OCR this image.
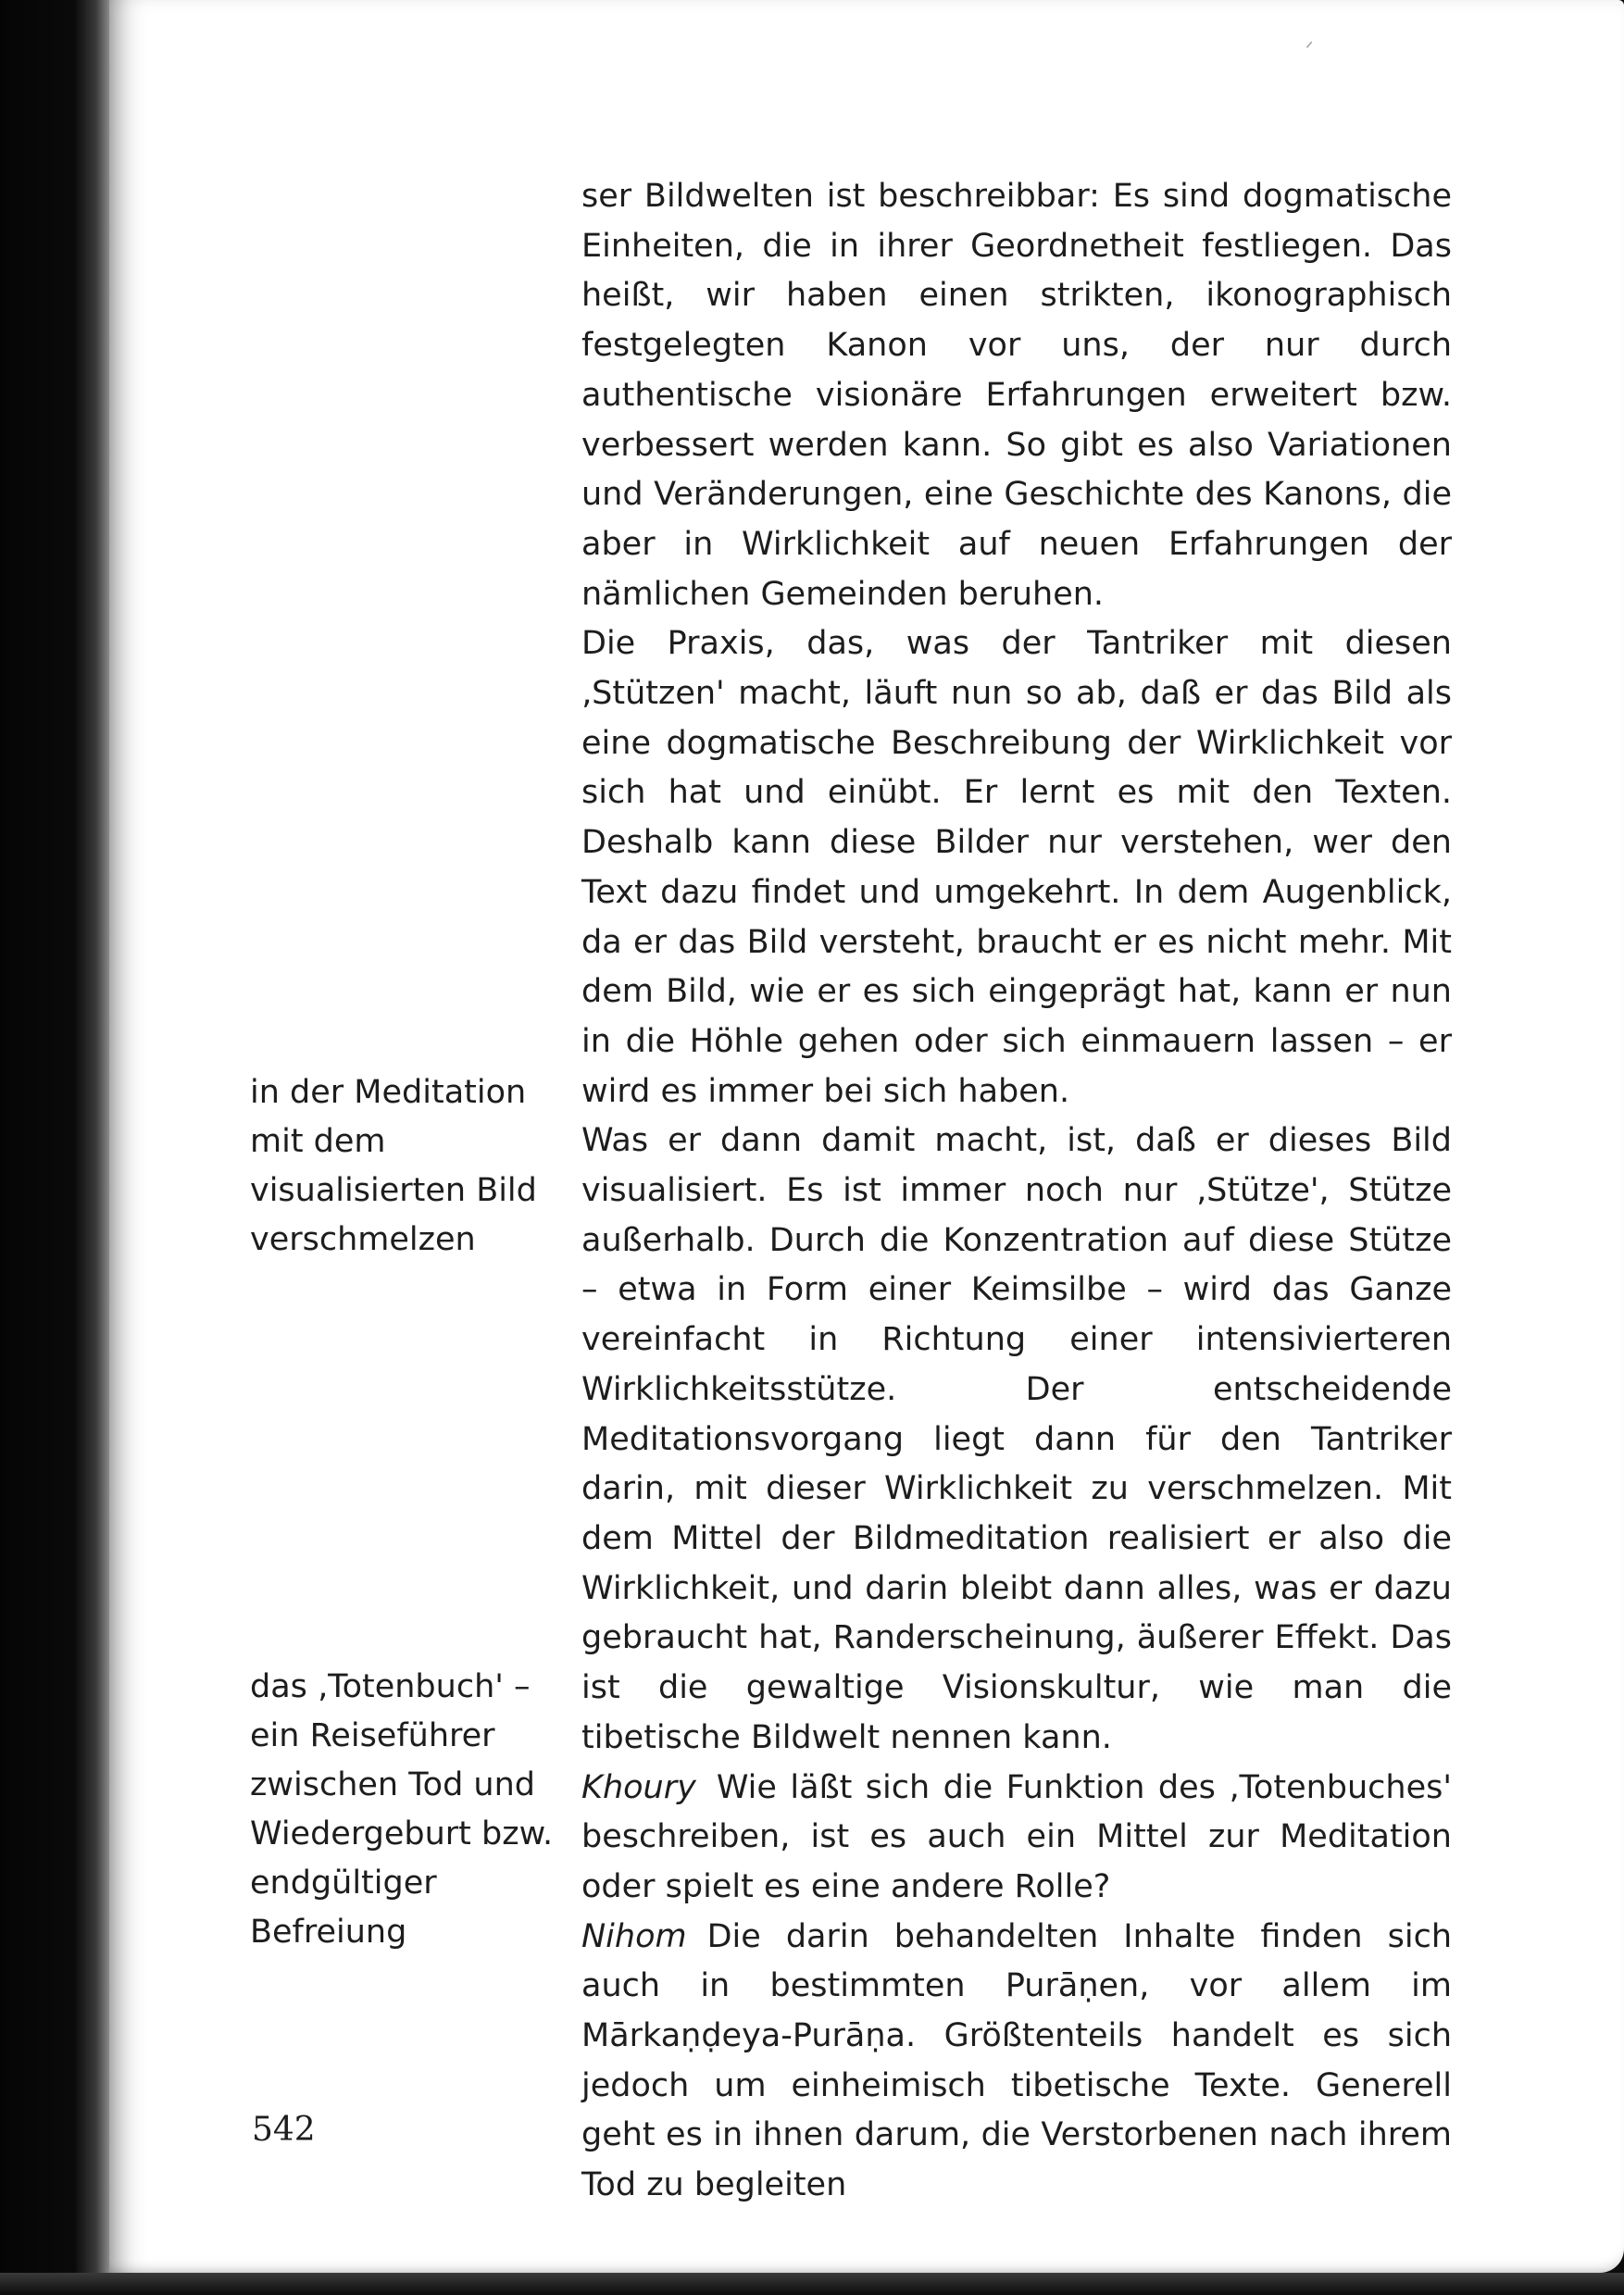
ᐟ

ser Bildwelten ist beschreibbar: Es sind dogmatische Einheiten, die in ihrer Geordnetheit festliegen. Das heißt, wir haben einen strikten, ikonographisch festgelegten Kanon vor uns, der nur durch authentische visionäre Erfahrungen erweitert bzw. verbessert werden kann. So gibt es also Variationen und Veränderungen, eine Geschichte des Kanons, die aber in Wirklichkeit auf neuen Erfahrungen der nämlichen Gemeinden beruhen.

Die Praxis, das, was der Tantriker mit diesen ‚Stützen' macht, läuft nun so ab, daß er das Bild als eine dogmatische Beschreibung der Wirklichkeit vor sich hat und einübt. Er lernt es mit den Texten. Deshalb kann diese Bilder nur verstehen, wer den Text dazu findet und umgekehrt. In dem Augenblick, da er das Bild versteht, braucht er es nicht mehr. Mit dem Bild, wie er es sich eingeprägt hat, kann er nun in die Höhle gehen oder sich einmauern lassen – er wird es immer bei sich haben.

Was er dann damit macht, ist, daß er dieses Bild visualisiert. Es ist immer noch nur ‚Stütze', Stütze außerhalb. Durch die Konzentration auf diese Stütze – etwa in Form einer Keimsilbe – wird das Ganze vereinfacht in Richtung einer intensivierteren Wirklichkeitsstütze. Der entscheidende Meditationsvorgang liegt dann für den Tantriker darin, mit dieser Wirklichkeit zu verschmelzen. Mit dem Mittel der Bildmeditation realisiert er also die Wirklichkeit, und darin bleibt dann alles, was er dazu gebraucht hat, Randerscheinung, äußerer Effekt. Das ist die gewaltige Visionskultur, wie man die tibetische Bildwelt nennen kann.

Khoury Wie läßt sich die Funktion des ‚Totenbuches' beschreiben, ist es auch ein Mittel zur Meditation oder spielt es eine andere Rolle?

Nihom Die darin behandelten Inhalte finden sich auch in bestimmten Purāṇen, vor allem im Mārkaṇḍeya-Purāṇa. Größtenteils handelt es sich jedoch um einheimisch tibetische Texte. Generell geht es in ihnen darum, die Verstorbenen nach ihrem Tod zu begleiten

in der Meditation mit dem visualisierten Bild verschmelzen

das ‚Totenbuch' – ein Reiseführer zwischen Tod und Wiedergeburt bzw. endgültiger Befreiung

542
